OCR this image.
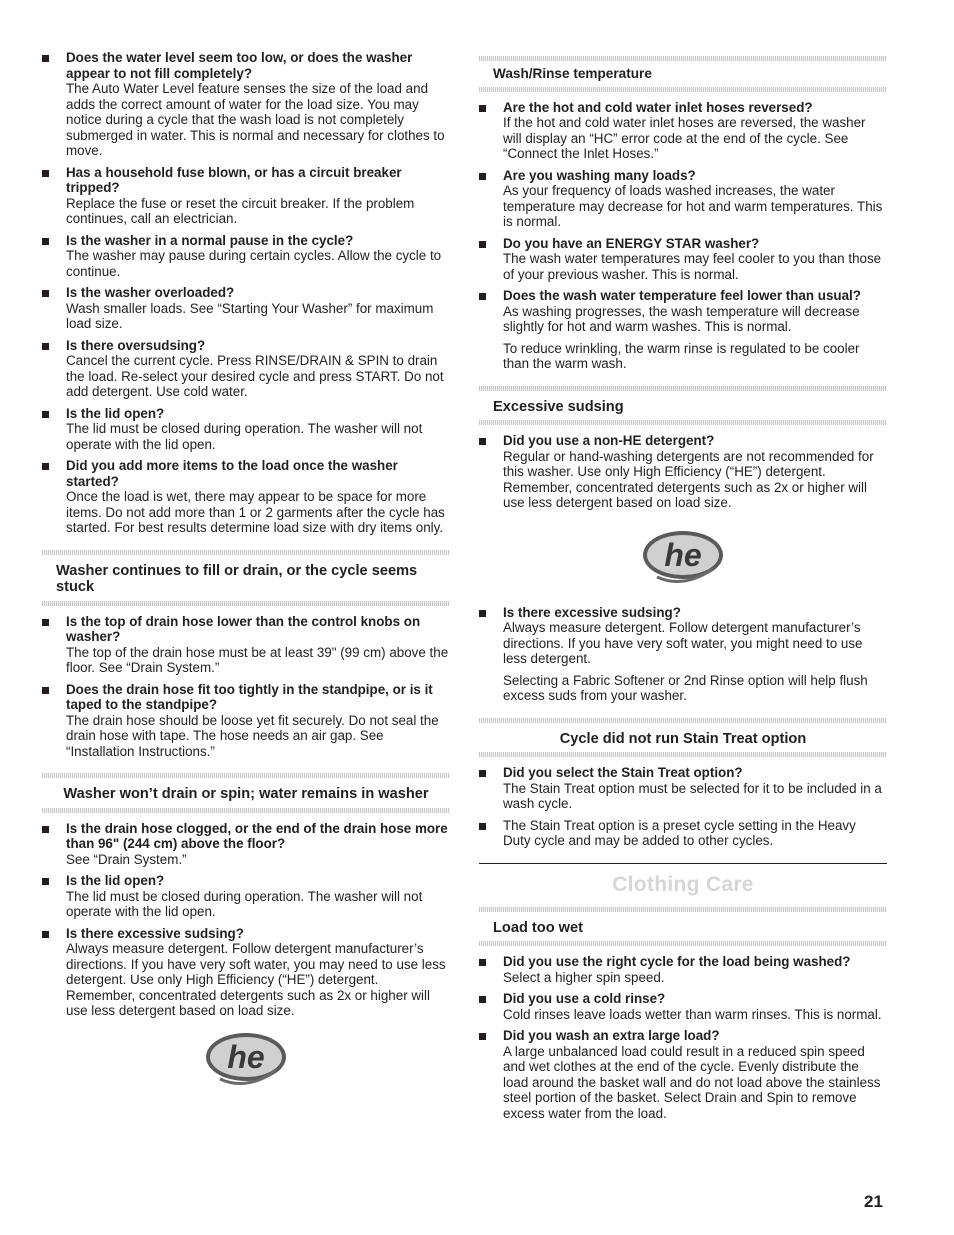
Does the water level seem too low, or does the washer appear to not fill completely?
The Auto Water Level feature senses the size of the load and adds the correct amount of water for the load size. You may notice during a cycle that the wash load is not completely submerged in water. This is normal and necessary for clothes to move.
Has a household fuse blown, or has a circuit breaker tripped?
Replace the fuse or reset the circuit breaker. If the problem continues, call an electrician.
Is the washer in a normal pause in the cycle?
The washer may pause during certain cycles. Allow the cycle to continue.
Is the washer overloaded?
Wash smaller loads. See “Starting Your Washer” for maximum load size.
Is there oversudsing?
Cancel the current cycle. Press RINSE/DRAIN & SPIN to drain the load. Re-select your desired cycle and press START. Do not add detergent. Use cold water.
Is the lid open?
The lid must be closed during operation. The washer will not operate with the lid open.
Did you add more items to the load once the washer started?
Once the load is wet, there may appear to be space for more items. Do not add more than 1 or 2 garments after the cycle has started. For best results determine load size with dry items only.
Washer continues to fill or drain, or the cycle seems stuck
Is the top of drain hose lower than the control knobs on washer?
The top of the drain hose must be at least 39" (99 cm) above the floor. See “Drain System.”
Does the drain hose fit too tightly in the standpipe, or is it taped to the standpipe?
The drain hose should be loose yet fit securely. Do not seal the drain hose with tape. The hose needs an air gap. See “Installation Instructions.”
Washer won’t drain or spin; water remains in washer
Is the drain hose clogged, or the end of the drain hose more than 96" (244 cm) above the floor?
See “Drain System.”
Is the lid open?
The lid must be closed during operation. The washer will not operate with the lid open.
Is there excessive sudsing?
Always measure detergent. Follow detergent manufacturer’s directions. If you have very soft water, you may need to use less detergent. Use only High Efficiency (“HE”) detergent. Remember, concentrated detergents such as 2x or higher will use less detergent based on load size.
he
Wash/Rinse temperature
Are the hot and cold water inlet hoses reversed?
If the hot and cold water inlet hoses are reversed, the washer will display an “HC” error code at the end of the cycle. See “Connect the Inlet Hoses.”
Are you washing many loads?
As your frequency of loads washed increases, the water temperature may decrease for hot and warm temperatures. This is normal.
Do you have an ENERGY STAR washer?
The wash water temperatures may feel cooler to you than those of your previous washer. This is normal.
Does the wash water temperature feel lower than usual?
As washing progresses, the wash temperature will decrease slightly for hot and warm washes. This is normal.
To reduce wrinkling, the warm rinse is regulated to be cooler than the warm wash.
Excessive sudsing
Did you use a non-HE detergent?
Regular or hand-washing detergents are not recommended for this washer. Use only High Efficiency (“HE”) detergent. Remember, concentrated detergents such as 2x or higher will use less detergent based on load size.
he
Is there excessive sudsing?
Always measure detergent. Follow detergent manufacturer’s directions. If you have very soft water, you might need to use less detergent.
Selecting a Fabric Softener or 2nd Rinse option will help flush excess suds from your washer.
Cycle did not run Stain Treat option
Did you select the Stain Treat option?
The Stain Treat option must be selected for it to be included in a wash cycle.
The Stain Treat option is a preset cycle setting in the Heavy Duty cycle and may be added to other cycles.
Clothing Care
Load too wet
Did you use the right cycle for the load being washed?
Select a higher spin speed.
Did you use a cold rinse?
Cold rinses leave loads wetter than warm rinses. This is normal.
Did you wash an extra large load?
A large unbalanced load could result in a reduced spin speed and wet clothes at the end of the cycle. Evenly distribute the load around the basket wall and do not load above the stainless steel portion of the basket. Select Drain and Spin to remove excess water from the load.
21
